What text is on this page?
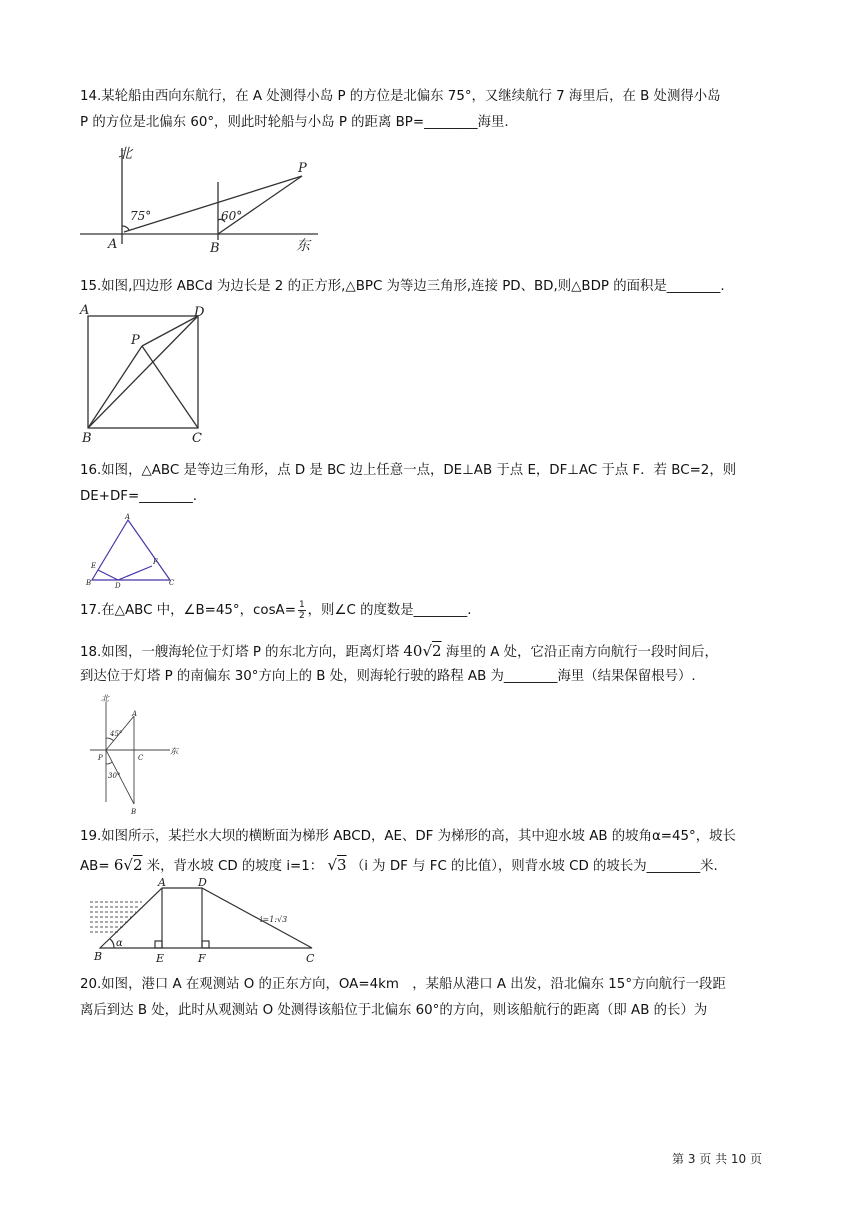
14.某轮船由西向东航行，在 A 处测得小岛 P 的方位是北偏东 75°，又继续航行 7 海里后，在 B 处测得小岛

P 的方位是北偏东 60°，则此时轮船与小岛 P 的距离 BP=________海里.

北
东
75°	60°
A	B
P

15.如图,四边形 ABCd 为边长是 2 的正方形,△BPC 为等边三角形,连接 PD、BD,则△BDP 的面积是________.

A	D
P
B	C

16.如图，△ABC 是等边三角形，点 D 是 BC 边上任意一点，DE⊥AB 于点 E，DF⊥AC 于点 F．若 BC=2，则

DE+DF=________.

A
B	C
D
E	F

17.在△ABC 中，∠B=45°，$\cos A= \frac{1}{2}$ ，则∠C 的度数是________.

18.如图，一艘海轮位于灯塔 P 的东北方向，距离灯塔 40√2 海里的 A 处，它沿正南方向航行一段时间后，

到达位于灯塔 P 的南偏东 30°方向上的 B 处，则海轮行驶的路程 AB 为________海里（结果保留根号）.

北
东
45°
30°
A
P	C
B

19.如图所示，某拦水大坝的横断面为梯形 ABCD，AE、DF 为梯形的高，其中迎水坡 AB 的坡角α=45°，坡长

AB= 6√2 米，背水坡 CD 的坡度 i=1： √3 （i 为 DF 与 FC 的比值），则背水坡 CD 的坡长为________米.

A	D
B	E	F	C
α
i=1:√3

20.如图，港口 A 在观测站 O 的正东方向，OA=4km　，某船从港口 A 出发，沿北偏东 15°方向航行一段距

离后到达 B 处，此时从观测站 O 处测得该船位于北偏东 60°的方向，则该船航行的距离（即 AB 的长）为

第 3 页 共 10 页
